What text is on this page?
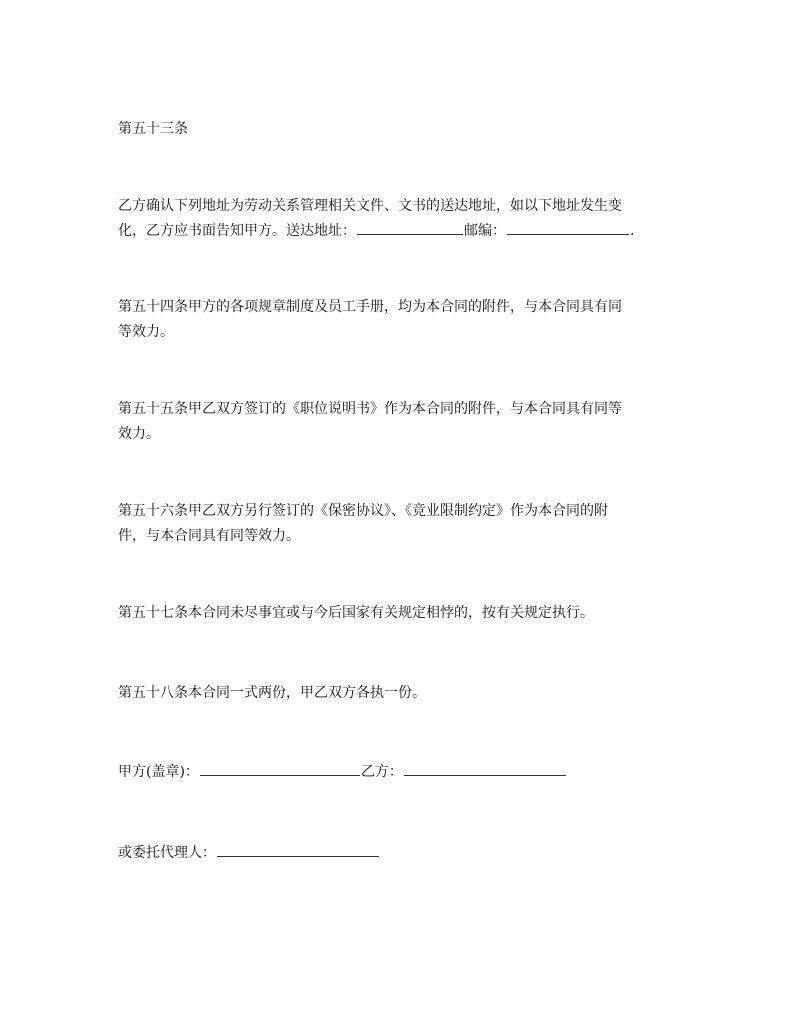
第五十三条
乙方确认下列地址为劳动关系管理相关文件、文书的送达地址，如以下地址发生变
化，乙方应书面告知甲方。送达地址：	邮编：	.
第五十四条甲方的各项规章制度及员工手册，均为本合同的附件，与本合同具有同
等效力。
第五十五条甲乙双方签订的《职位说明书》作为本合同的附件，与本合同具有同等
效力。
第五十六条甲乙双方另行签订的《保密协议》、《竞业限制约定》作为本合同的附
件，与本合同具有同等效力。
第五十七条本合同未尽事宜或与今后国家有关规定相悖的，按有关规定执行。
第五十八条本合同一式两份，甲乙双方各执一份。
甲方(盖章)：	乙方：
或委托代理人：
